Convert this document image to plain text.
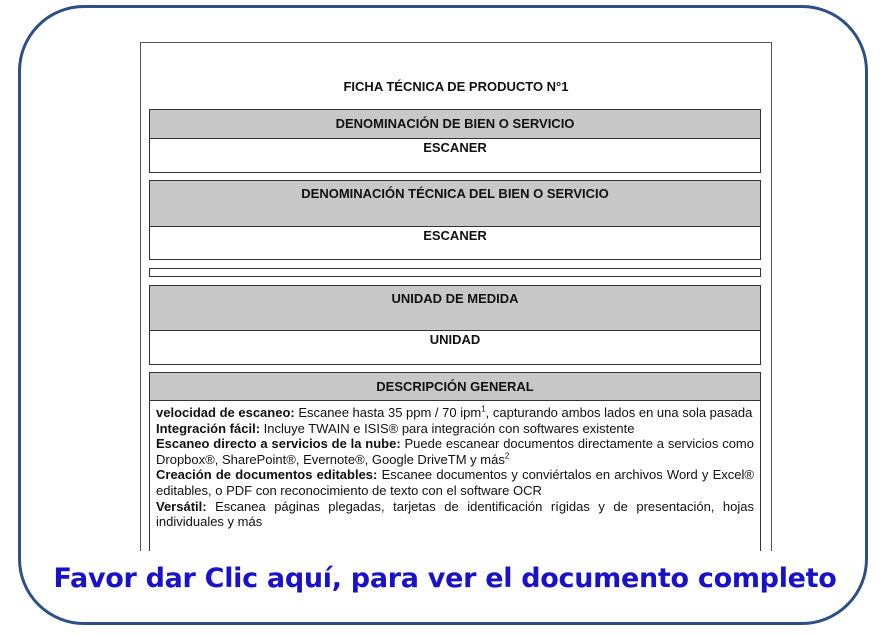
FICHA TÉCNICA DE PRODUCTO N°1
DENOMINACIÓN DE BIEN O SERVICIO
ESCANER
DENOMINACIÓN TÉCNICA DEL BIEN O SERVICIO
ESCANER
UNIDAD DE MEDIDA
UNIDAD
DESCRIPCIÓN GENERAL

velocidad de escaneo: Escanee hasta 35 ppm / 70 ipm$^1$, capturando ambos lados en una sola pasada

Integración fácil: Incluye TWAIN e ISIS® para integración con softwares existente

Escaneo directo a servicios de la nube: Puede escanear documentos directamente a servicios como Dropbox®, SharePoint®, Evernote®, Google DriveTM y más$^2$

Creación de documentos editables: Escanee documentos y conviértalos en archivos Word y Excel® editables, o PDF con reconocimiento de texto con el software OCR

Versátil: Escanea páginas plegadas, tarjetas de identificación rígidas y de presentación, hojas individuales y más

Favor dar Clic aquí, para ver el documento completo
